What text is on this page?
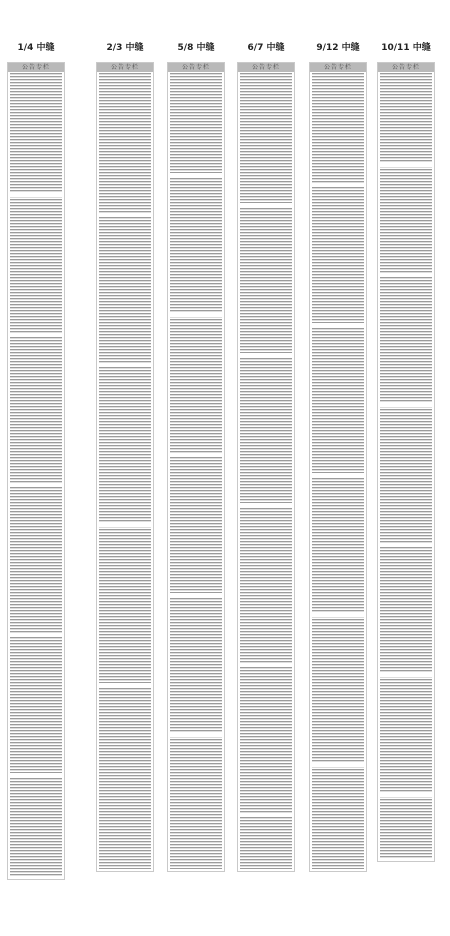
1/4 中缝
公告专栏
2/3 中缝
公告专栏
5/8 中缝
公告专栏
6/7 中缝
公告专栏
9/12 中缝
公告专栏
10/11 中缝
公告专栏
